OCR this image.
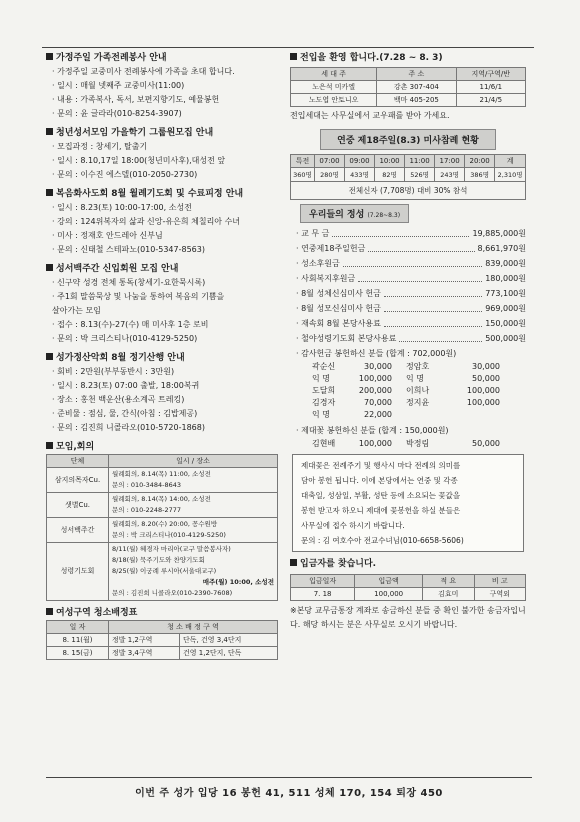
가정주일 가족전례봉사 안내
· 가정주일 교중미사 전례봉사에 가족을 초대 합니다.
· 일시 : 매월 넷째주 교중미사(11:00)
· 내용 : 가족복사, 독서, 보편지향기도, 예물봉헌
· 문의 : 윤 글라라(010-8254-3907)
청년성서모임 가을학기 그룹원모집 안내
· 모집과정 : 창세기, 탈출기
· 일시 : 8.10,17일 18:00(청년미사후),대성전 앞
· 문의 : 이수진 에스델(010-2050-2730)
복음화사도회 8월 월례기도회 및 수료피정 안내
· 일시 : 8.23(토) 10:00-17:00, 소성전
· 강의 : 124위복자의 삶과 신앙-유은희 체칠리아 수녀
· 미사 : 정재호 안드레아 신부님
· 문의 : 신태철 스테파노(010-5347-8563)
성서백주간 신입회원 모집 안내
· 신구약 성경 전체 통독(창세기-요한묵시록)
· 주1회 말씀묵상 및 나눔을 통하여 복음의 기쁨을
살아가는 모임
· 접수 : 8.13(수)-27(수) 매 미사후 1층 로비
· 문의 : 박 크리스티나(010-4129-5250)
성가정산악회 8월 정기산행 안내
· 회비 : 2만원(부부동반시 : 3만원)
· 일시 : 8.23(토) 07:00 출발, 18:00복귀
· 장소 : 홍천 백운산(용소계곡 트레킹)
· 준비물 : 점심, 물, 간식(아침 : 김밥제공)
· 문의 : 김진희 니콜라오(010-5720-1868)
모임,회의
단체	일시 / 장소
삼지의목자Cu.	월례회의, 8.14(목) 11:00, 소성전
문의 : 010-3484-8643

샛별Cu.	월례회의, 8.14(목) 14:00, 소성전
문의 : 010-2248-2777

성서백주간	월례회의, 8.20(수) 20:00, 꽁수원방
문의 : 박 크리스티나(010-4129-5250)

성령기도회	8/11(월) 혜경자 마리아(교구 말씀봉사자)
8/18(월) 묵주기도와 찬양기도회
8/25(월) 이궁례 루시아(서울대교구)
매주(월) 10:00, 소성전
문의 : 김진희 니콜라오(010-2390-7608)
여성구역 청소배정표
일 자	청 소 배 정 구 역	
8. 11(월)	정발 1,2구역	단독, 건영 3,4단지
8. 15(금)	정발 3,4구역	건영 1,2단지, 단독
전입을 환영 합니다.(7.28 ~ 8. 3)
세 대 주	주 소	지역/구역/반
노은석 미카엘	강촌 307-404	11/6/1
노도엽 안토니오	백마 405-205	21/4/5
전입세대는 사무실에서 교우패를 받아 가세요.
연중 제18주일(8.3) 미사참례 현황
특전	07:00	09:00	10:00	11:00	17:00	20:00	계
360명	280명	433명	82명	526명	243명	386명	2,310명
전체신자 (7,708명) 대비 30% 참석							
우리들의 정성 (7.28~8.3)
· 교 무 금	19,885,000원
· 연중제18주일헌금	8,661,970원
· 성소후원금	839,000원
· 사회복지후원금	180,000원
· 8월 성체신심미사 헌금	773,100원
· 8월 성모신심미사 헌금	969,000원
· 재속회 8월 본당사용료	150,000원
· 철야성령기도회 본당사용료	500,000원
· 감사헌금 봉헌하신 분들 (합계 : 702,000원)
곽순신	30,000	정암호	30,000
익 명	100,000	익 명	50,000
도달희	200,000	이희나	100,000
김경자	70,000	정지윤	100,000
익 명	22,000
· 제대꽃 봉헌하신 분들 (합계 : 150,000원)
김현배	100,000	박정림	50,000
제대꽃은 전례주기 및 행사시 마다 전례의 의미를
담아 봉헌 됩니다. 이에 본당에서는 연중 및 각종
대축일, 성삼일, 부활, 성탄 등에 소요되는 꽃값을
봉헌 받고자 하오니 제대에 꽃봉헌을 하실 분들은
사무실에 접수 하시기 바랍니다.
문의 : 김 여호수아 전교수녀님(010-6658-5606)
입금자를 찾습니다.
입금일자	입금액	적 요	비 고
7. 18	100,000	김효미	구역외
※본당 교무금통장 계좌로 송금하신 분들 중 확인 불가한 송금자입니다. 해당 하시는 분은 사무실로 오시기 바랍니다.
이번 주 성가 입당 16 봉헌 41, 511 성체 170, 154 퇴장 450
